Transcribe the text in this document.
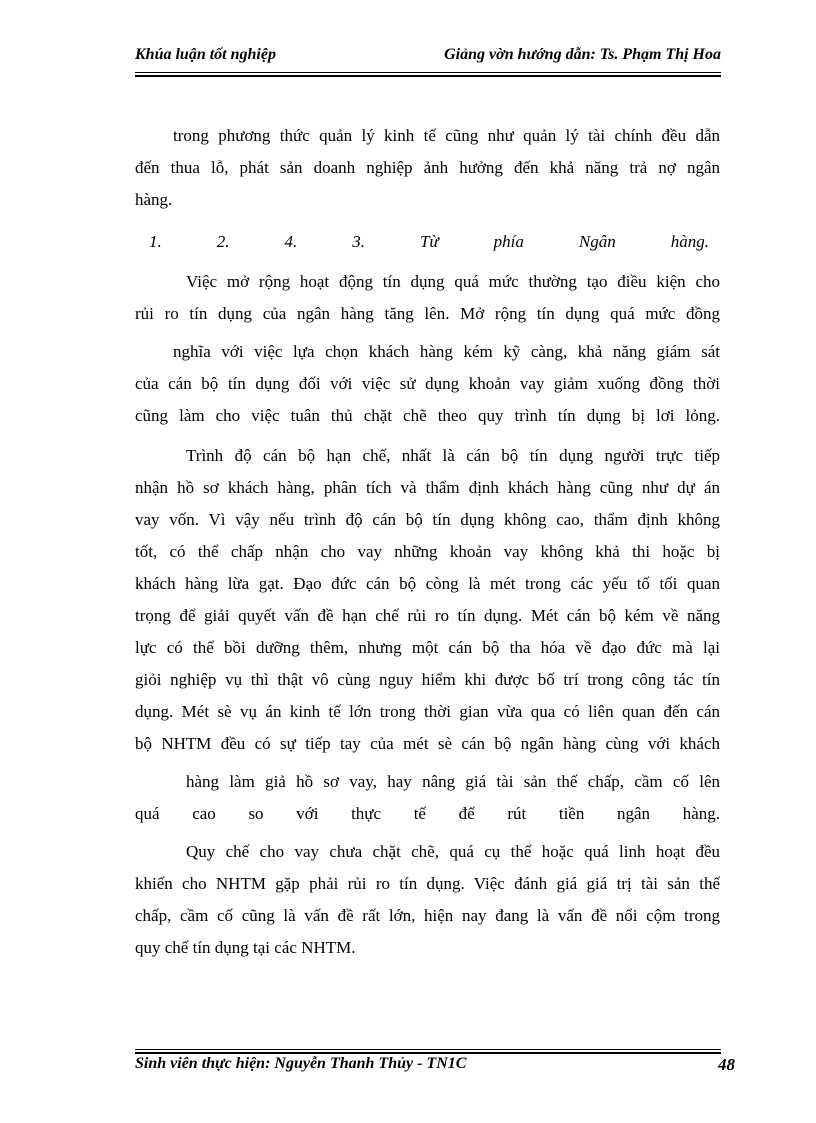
Khúa luận tốt nghiệp	Giảng vờn hướng dẫn: Ts. Phạm Thị Hoa
trong phương thức quản lý kinh tế cũng như quản lý tài chính đều dẫn
đến thua lỗ, phát sản doanh nghiệp ảnh hưởng đến khả năng trả nợ ngân
hàng.
1.	2.	4.	3.	Từ	phía	Ngân	hàng.
Việc mở rộng hoạt động tín dụng quá mức thường tạo điều kiện cho
rủi ro tín dụng của ngân hàng tăng lên. Mở rộng tín dụng quá mức đồng
nghĩa với việc lựa chọn khách hàng kém kỹ càng, khả năng giám sát
của cán bộ tín dụng đối với việc sử dụng khoản vay giảm xuống đồng thời
cũng làm cho việc tuân thủ chặt chẽ theo quy trình tín dụng bị lơi lỏng.
Trình độ cán bộ hạn chế, nhất là cán bộ tín dụng người trực tiếp
nhận hồ sơ khách hàng, phân tích và thẩm định khách hàng cũng như dự án
vay vốn. Vì vậy nếu trình độ cán bộ tín dụng không cao, thẩm định không
tốt, có thể chấp nhận cho vay những khoản vay không khả thi hoặc bị
khách hàng lừa gạt. Đạo đức cán bộ còng là mét trong các yếu tố tối quan
trọng để giải quyết vấn đề hạn chế rủi ro tín dụng. Mét cán bộ kém về năng
lực có thể bồi dưỡng thêm, nhưng một cán bộ tha hóa về đạo đức mà lại
giỏi nghiệp vụ thì thật vô cùng nguy hiểm khi được bố trí trong công tác tín
dụng. Mét sè vụ án kinh tế lớn trong thời gian vừa qua có liên quan đến cán
bộ NHTM đều có sự tiếp tay của mét sè cán bộ ngân hàng cùng với khách
hàng làm giả hồ sơ vay, hay nâng giá tài sản thế chấp, cầm cố lên
quá cao so với thực tế để rút tiền ngân hàng.
Quy chế cho vay chưa chặt chẽ, quá cụ thể hoặc quá linh hoạt đều
khiến cho NHTM gặp phải rủi ro tín dụng. Việc đánh giá giá trị tài sản thế
chấp, cầm cố cũng là vấn đề rất lớn, hiện nay đang là vấn đề nổi cộm trong
quy chế tín dụng tại các NHTM.
Sinh viên thực hiện: Nguyễn Thanh Thủy - TN1C	48
